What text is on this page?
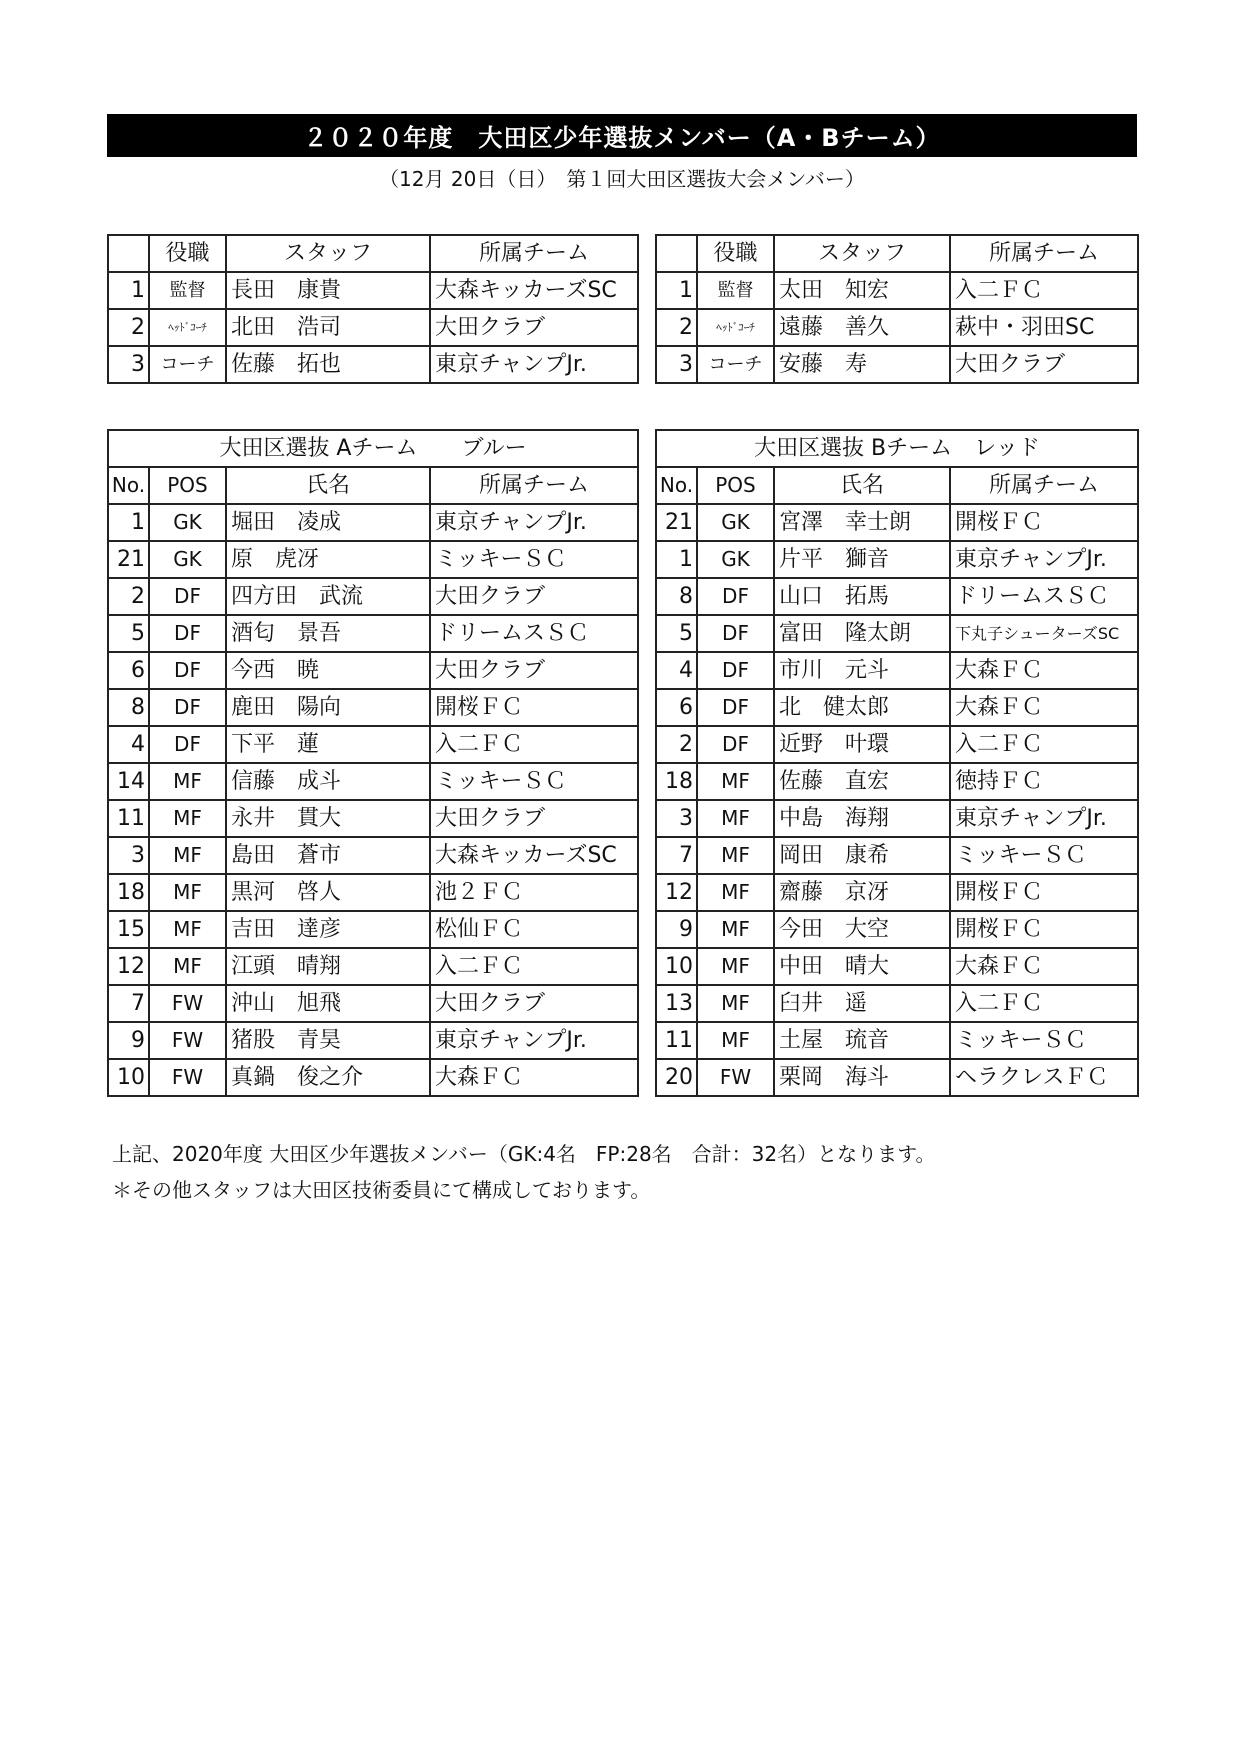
２０２０年度　大田区少年選抜メンバー（A・Bチーム）
（12月 20日（日）　第１回大田区選抜大会メンバー）
	役職	スタッフ	所属チーム
1	監督	長田　康貴	大森キッカーズSC
2	ﾍｯﾄﾞｺｰﾁ	北田　浩司	大田クラブ
3	コーチ	佐藤　拓也	東京チャンプJr.
	役職	スタッフ	所属チーム
1	監督	太田　知宏	入二ＦＣ
2	ﾍｯﾄﾞｺｰﾁ	遠藤　善久	萩中・羽田SC
3	コーチ	安藤　寿	大田クラブ
大田区選抜 Aチーム　　ブルー			
No.	POS	氏名	所属チーム
1	GK	堀田　凌成	東京チャンプJr.
21	GK	原　虎冴	ミッキーＳＣ
2	DF	四方田　武流	大田クラブ
5	DF	酒匂　景吾	ドリームスＳＣ
6	DF	今西　暁	大田クラブ
8	DF	鹿田　陽向	開桜ＦＣ
4	DF	下平　蓮	入二ＦＣ
14	MF	信藤　成斗	ミッキーＳＣ
11	MF	永井　貫大	大田クラブ
3	MF	島田　蒼市	大森キッカーズSC
18	MF	黒河　啓人	池２ＦＣ
15	MF	吉田　達彦	松仙ＦＣ
12	MF	江頭　晴翔	入二ＦＣ
7	FW	沖山　旭飛	大田クラブ
9	FW	猪股　青昊	東京チャンプJr.
10	FW	真鍋　俊之介	大森ＦＣ
大田区選抜 Bチーム　レッド			
No.	POS	氏名	所属チーム
21	GK	宮澤　幸士朗	開桜ＦＣ
1	GK	片平　獅音	東京チャンプJr.
8	DF	山口　拓馬	ドリームスＳＣ
5	DF	富田　隆太朗	下丸子シューターズSC
4	DF	市川　元斗	大森ＦＣ
6	DF	北　健太郎	大森ＦＣ
2	DF	近野　叶環	入二ＦＣ
18	MF	佐藤　直宏	徳持ＦＣ
3	MF	中島　海翔	東京チャンプJr.
7	MF	岡田　康希	ミッキーＳＣ
12	MF	齋藤　京冴	開桜ＦＣ
9	MF	今田　大空	開桜ＦＣ
10	MF	中田　晴大	大森ＦＣ
13	MF	臼井　遥	入二ＦＣ
11	MF	土屋　琉音	ミッキーＳＣ
20	FW	栗岡　海斗	ヘラクレスＦＣ
上記、2020年度 大田区少年選抜メンバー（GK:4名　FP:28名　合計：32名）となります。
＊その他スタッフは大田区技術委員にて構成しております。
